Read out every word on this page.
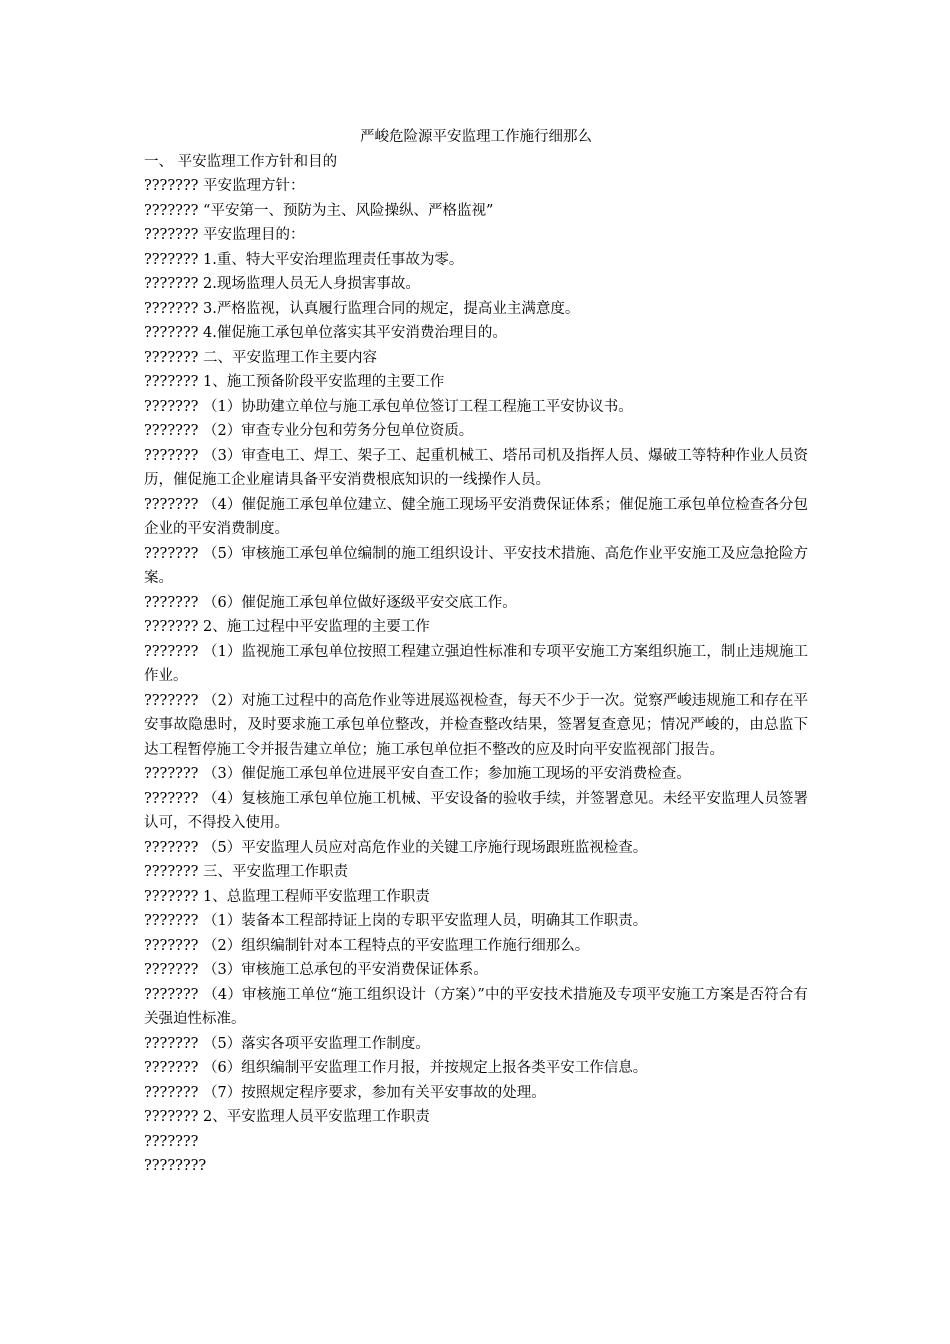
严峻危险源平安监理工作施行细那么

一、 平安监理工作方针和目的

??????? 平安监理方针：

??????? “平安第一、预防为主、风险操纵、严格监视”

??????? 平安监理目的：

??????? 1.重、特大平安治理监理责任事故为零。

??????? 2.现场监理人员无人身损害事故。

??????? 3.严格监视，认真履行监理合同的规定，提高业主满意度。

??????? 4.催促施工承包单位落实其平安消费治理目的。

??????? 二、平安监理工作主要内容

??????? 1、施工预备阶段平安监理的主要工作

??????? （1）协助建立单位与施工承包单位签订工程工程施工平安协议书。

??????? （2）审查专业分包和劳务分包单位资质。

??????? （3）审查电工、焊工、架子工、起重机械工、塔吊司机及指挥人员、爆破工等特种作业人员资历，催促施工企业雇请具备平安消费根底知识的一线操作人员。

??????? （4）催促施工承包单位建立、健全施工现场平安消费保证体系；催促施工承包单位检查各分包企业的平安消费制度。

??????? （5）审核施工承包单位编制的施工组织设计、平安技术措施、高危作业平安施工及应急抢险方案。

??????? （6）催促施工承包单位做好逐级平安交底工作。

??????? 2、施工过程中平安监理的主要工作

??????? （1）监视施工承包单位按照工程建立强迫性标准和专项平安施工方案组织施工，制止违规施工作业。

??????? （2）对施工过程中的高危作业等进展巡视检查，每天不少于一次。觉察严峻违规施工和存在平安事故隐患时，及时要求施工承包单位整改，并检查整改结果，签署复查意见；情况严峻的，由总监下达工程暂停施工令并报告建立单位；施工承包单位拒不整改的应及时向平安监视部门报告。

??????? （3）催促施工承包单位进展平安自查工作；参加施工现场的平安消费检查。

??????? （4）复核施工承包单位施工机械、平安设备的验收手续，并签署意见。未经平安监理人员签署认可，不得投入使用。

??????? （5）平安监理人员应对高危作业的关键工序施行现场跟班监视检查。

??????? 三、平安监理工作职责

??????? 1、总监理工程师平安监理工作职责

??????? （1）装备本工程部持证上岗的专职平安监理人员，明确其工作职责。

??????? （2）组织编制针对本工程特点的平安监理工作施行细那么。

??????? （3）审核施工总承包的平安消费保证体系。

??????? （4）审核施工单位“施工组织设计（方案）”中的平安技术措施及专项平安施工方案是否符合有关强迫性标准。

??????? （5）落实各项平安监理工作制度。

??????? （6）组织编制平安监理工作月报，并按规定上报各类平安工作信息。

??????? （7）按照规定程序要求，参加有关平安事故的处理。

??????? 2、平安监理人员平安监理工作职责

???????

????????
